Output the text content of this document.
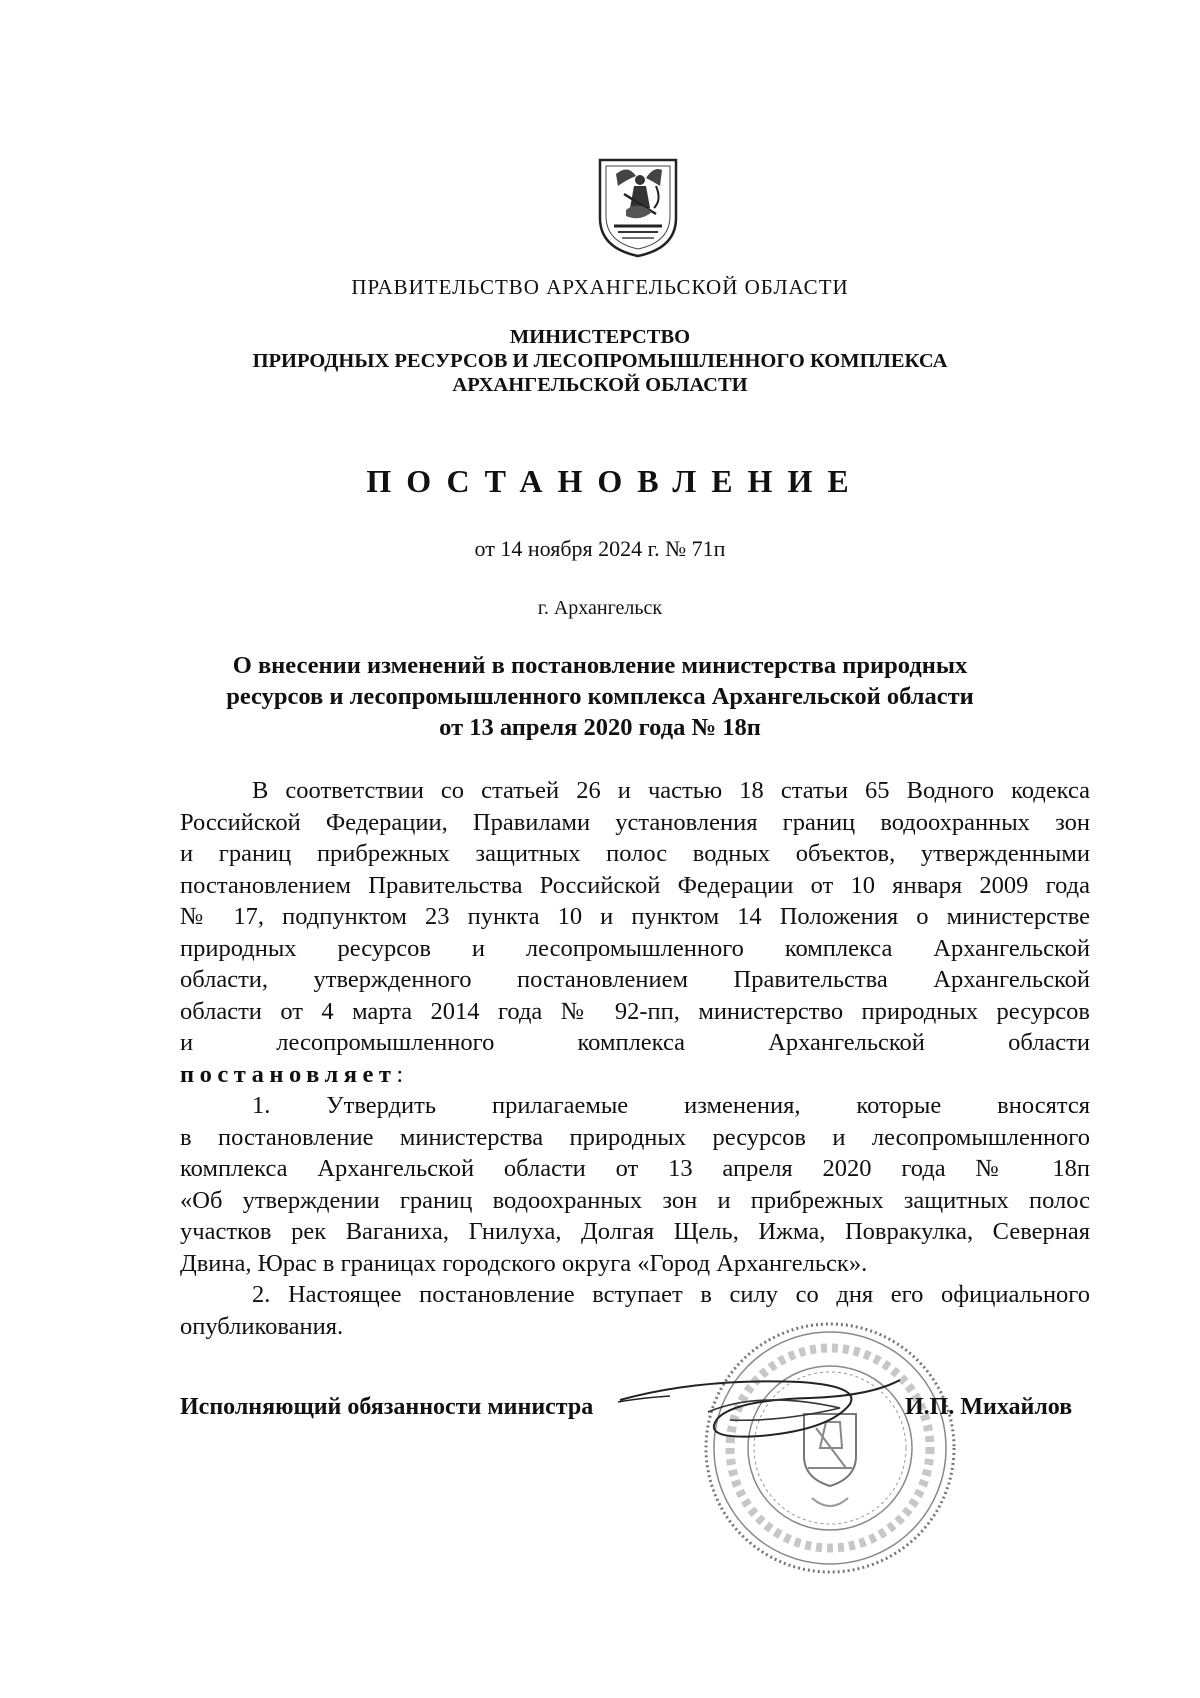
ПРАВИТЕЛЬСТВО АРХАНГЕЛЬСКОЙ ОБЛАСТИ
МИНИСТЕРСТВО
ПРИРОДНЫХ РЕСУРСОВ И ЛЕСОПРОМЫШЛЕННОГО КОМПЛЕКСА
АРХАНГЕЛЬСКОЙ ОБЛАСТИ
ПОСТАНОВЛЕНИЕ
от 14 ноября 2024 г. № 71п
г. Архангельск
О внесении изменений в постановление министерства природных
ресурсов и лесопромышленного комплекса Архангельской области
от 13 апреля 2020 года № 18п
В соответствии со статьей 26 и частью 18 статьи 65 Водного кодекса
Российской Федерации, Правилами установления границ водоохранных зон
и границ прибрежных защитных полос водных объектов, утвержденными
постановлением Правительства Российской Федерации от 10 января 2009 года
№ 17, подпунктом 23 пункта 10 и пунктом 14 Положения о министерстве
природных ресурсов и лесопромышленного комплекса Архангельской
области, утвержденного постановлением Правительства Архангельской
области от 4 марта 2014 года № 92-пп, министерство природных ресурсов
и лесопромышленного комплекса Архангельской области
постановляет:
1. Утвердить прилагаемые изменения, которые вносятся
в постановление министерства природных ресурсов и лесопромышленного
комплекса Архангельской области от 13 апреля 2020 года № 18п
«Об утверждении границ водоохранных зон и прибрежных защитных полос
участков рек Ваганиха, Гнилуха, Долгая Щель, Ижма, Повракулка, Северная
Двина, Юрас в границах городского округа «Город Архангельск».
2. Настоящее постановление вступает в силу со дня его официального
опубликования.
Исполняющий обязанности министра	И.П. Михайлов
